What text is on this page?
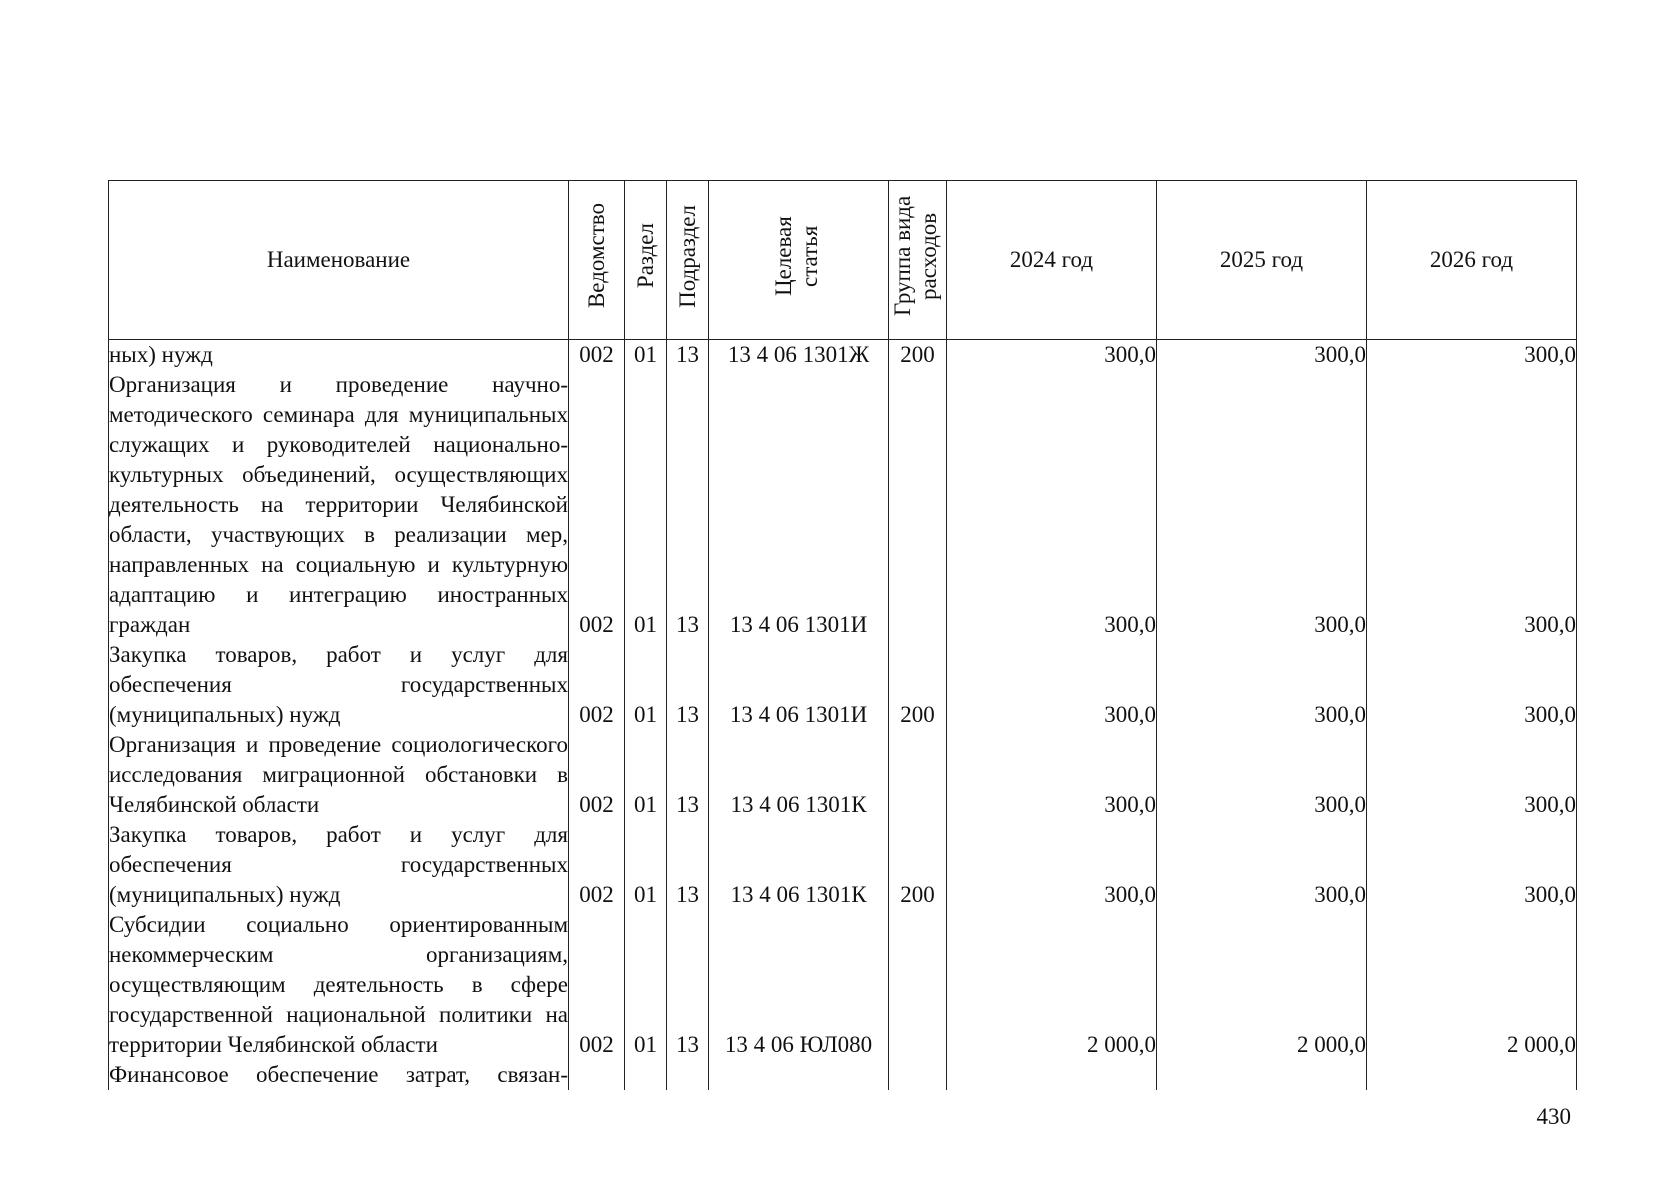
Наименование	Ведомство	Раздел	Подраздел	Целевая статья	Группа вида расходов	2024 год	2025 год	2026 год
ных) нужд	002	01	13	13 4 06 1301Ж	200	300,0	300,0	300,0
Организация и проведение научно-методического семинара для муниципальных служащих и руководителей национально-культурных объединений, осуществляющих деятельность на территории Челябинской области, участвующих в реализации мер, направленных на социальную и культурную адаптацию и интеграцию иностранных граждан	002	01	13	13 4 06 1301И		300,0	300,0	300,0
Закупка товаров, работ и услуг для обеспечения государственных (муниципальных) нужд	002	01	13	13 4 06 1301И	200	300,0	300,0	300,0
Организация и проведение социологического исследования миграционной обстановки в Челябинской области	002	01	13	13 4 06 1301К		300,0	300,0	300,0
Закупка товаров, работ и услуг для обеспечения государственных (муниципальных) нужд	002	01	13	13 4 06 1301К	200	300,0	300,0	300,0
Субсидии социально ориентированным некоммерческим организациям, осуществляющим деятельность в сфере государственной национальной политики на территории Челябинской области	002	01	13	13 4 06 ЮЛ080		2 000,0	2 000,0	2 000,0
Финансовое обеспечение затрат, связан-								
430
